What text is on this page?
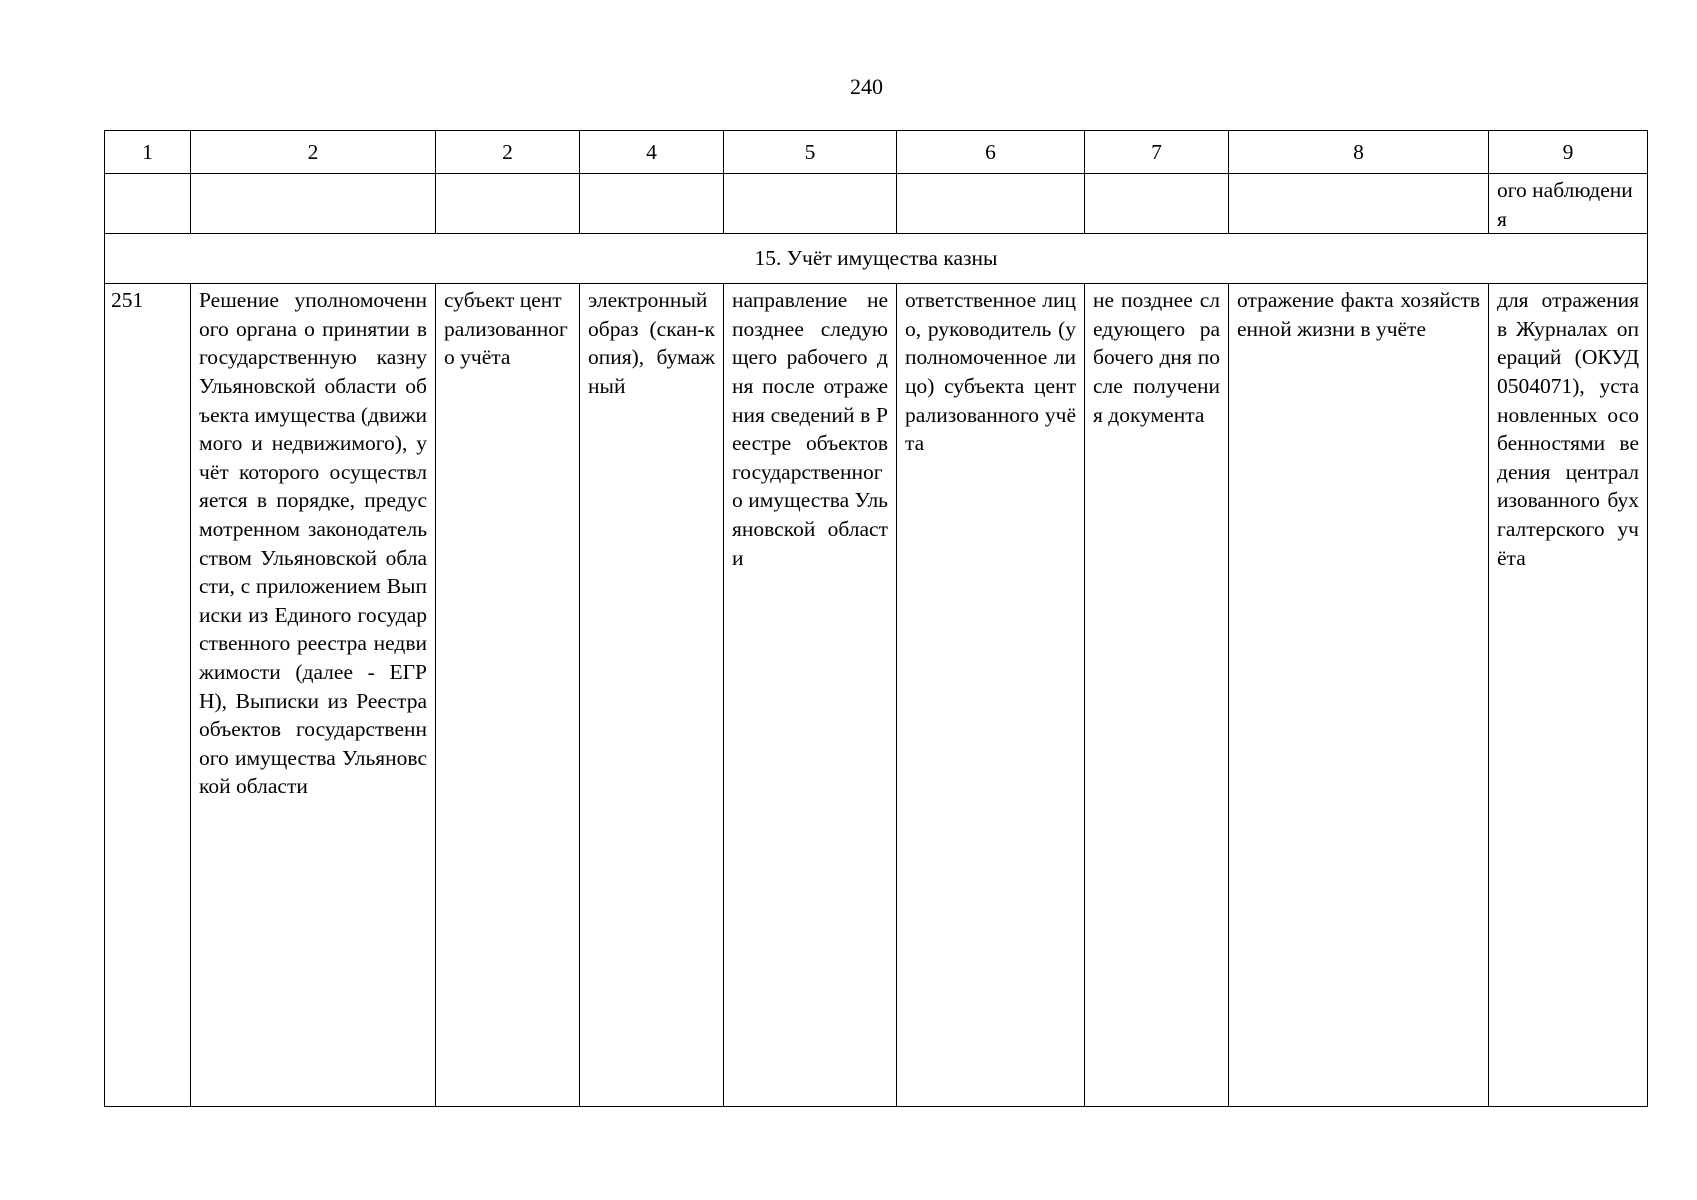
240
1	2	2	4	5	6	7	8	9
								ого наблюдения
15. Учёт имущества казны								
251	Решение уполномоченного органа о принятии в государственную казну Ульяновской области объекта имущества (движимого и недвижимого), учёт которого осуществляется в порядке, предусмотренном законодательством Ульяновской области, с приложением Выписки из Единого государственного реестра недвижимости (далее - ЕГРН), Выписки из Реестра объектов государственного имущества Ульяновской области	субъект централизованного учёта	электронный образ (скан-копия), бумажный	направление не позднее следующего рабочего дня после отражения сведений в Реестре объектов государственного имущества Ульяновской области	ответственное лицо, руководитель (уполномоченное лицо) субъекта централизованного учёта	не позднее следующего рабочего дня после получения документа	отражение факта хозяйственной жизни в учёте	для отражения в Журналах операций (ОКУД 0504071), установленных особенностями ведения централизованного бухгалтерского учёта
